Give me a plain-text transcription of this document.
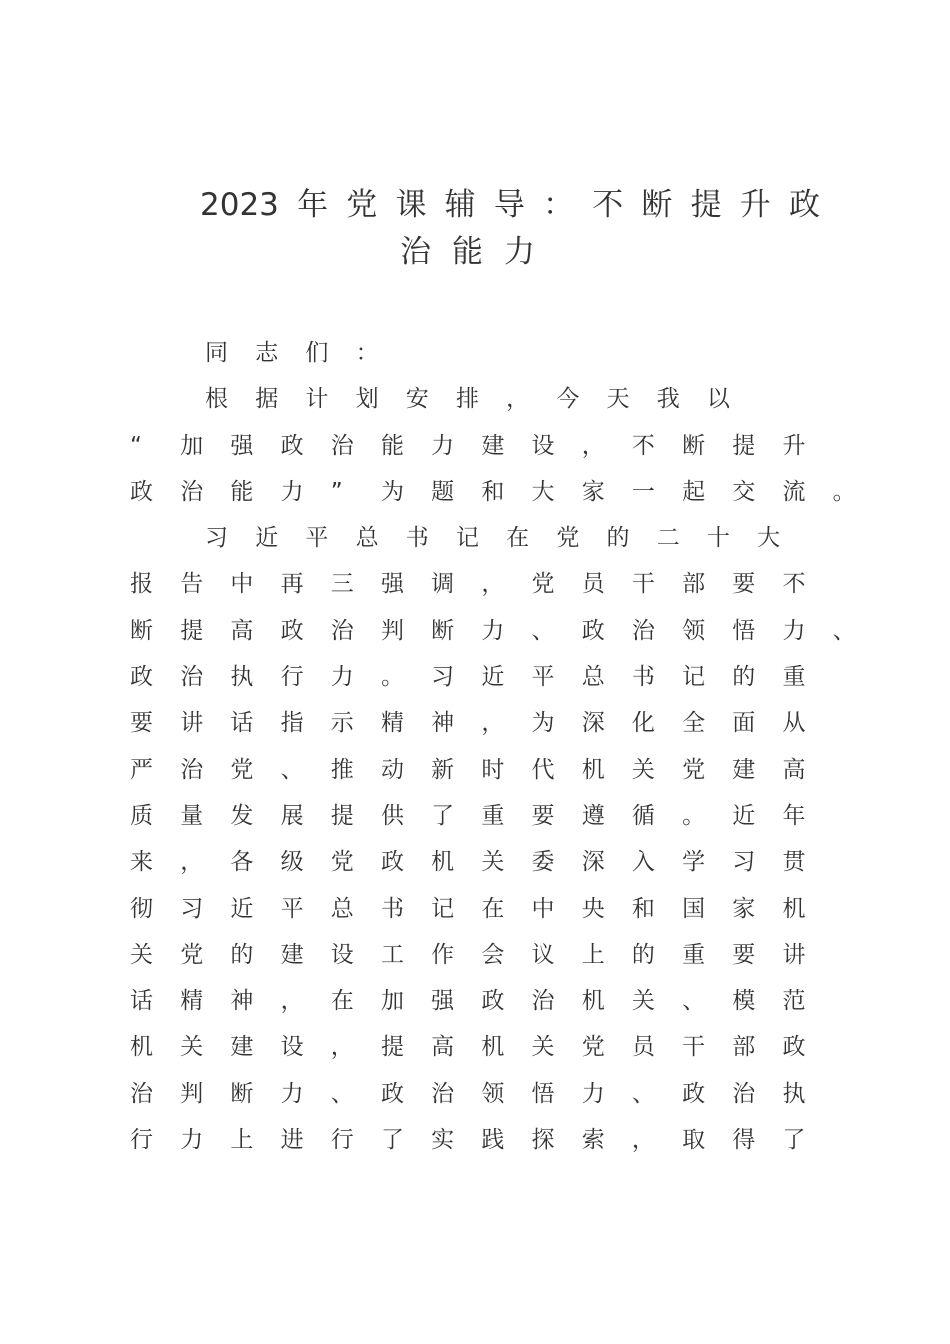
2023 年 党 课 辅 导 ： 不 断 提 升 政
治 能 力
同 志 们 ：
根 据 计 划 安 排 ， 今 天 我 以
“ 加 强 政 治 能 力 建 设 ， 不 断 提 升
政 治 能 力 ” 为 题 和 大 家 一 起 交 流 。
习 近 平 总 书 记 在 党 的 二 十 大
报 告 中 再 三 强 调 ， 党 员 干 部 要 不
断 提 高 政 治 判 断 力 、 政 治 领 悟 力 、
政 治 执 行 力 。 习 近 平 总 书 记 的 重
要 讲 话 指 示 精 神 ， 为 深 化 全 面 从
严 治 党 、 推 动 新 时 代 机 关 党 建 高
质 量 发 展 提 供 了 重 要 遵 循 。 近 年
来 ， 各 级 党 政 机 关 委 深 入 学 习 贯
彻 习 近 平 总 书 记 在 中 央 和 国 家 机
关 党 的 建 设 工 作 会 议 上 的 重 要 讲
话 精 神 ， 在 加 强 政 治 机 关 、 模 范
机 关 建 设 ， 提 高 机 关 党 员 干 部 政
治 判 断 力 、 政 治 领 悟 力 、 政 治 执
行 力 上 进 行 了 实 践 探 索 ， 取 得 了
